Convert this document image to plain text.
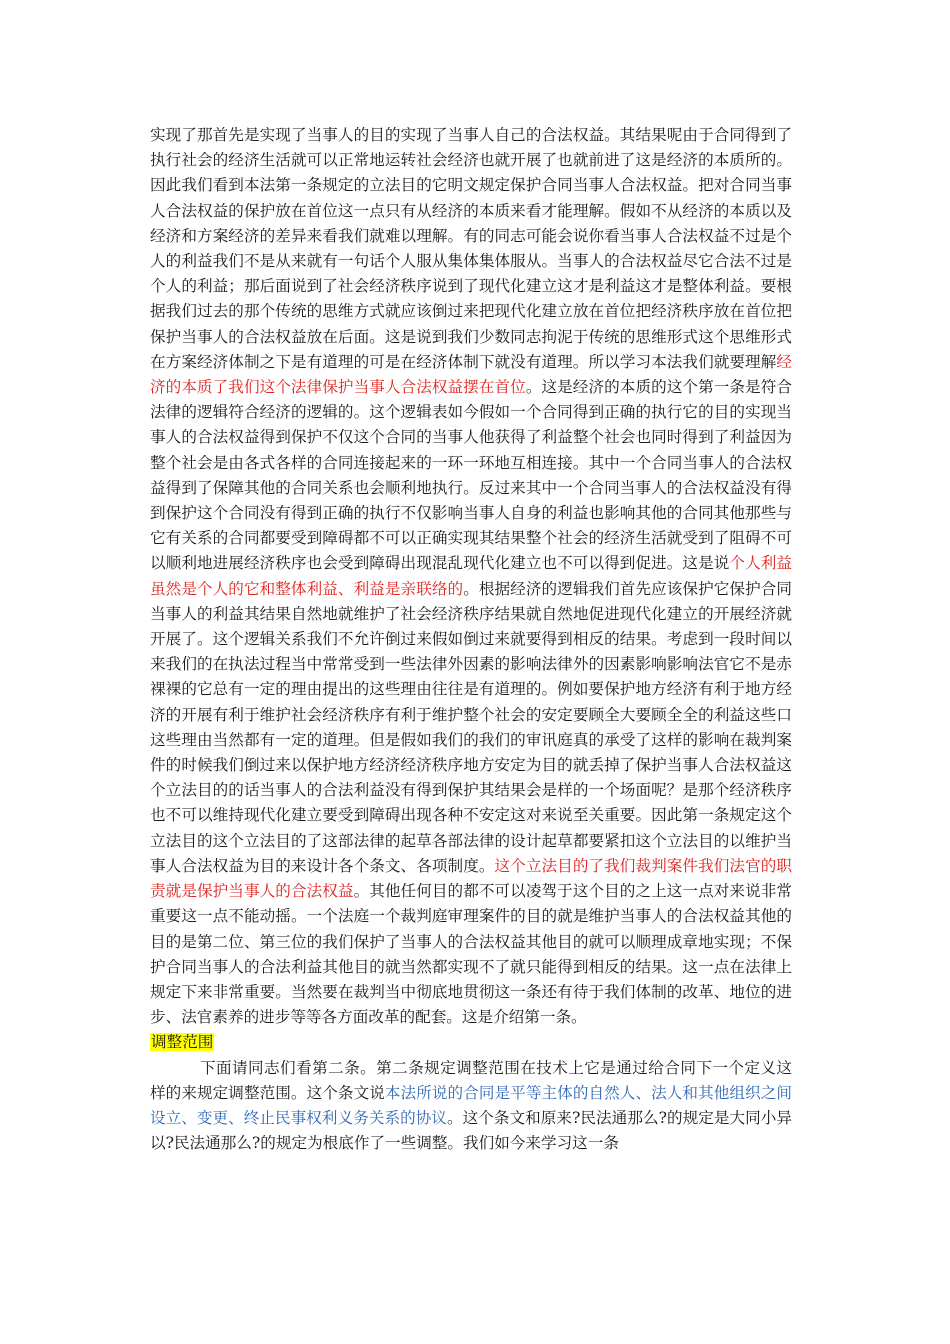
实现了那首先是实现了当事人的目的实现了当事人自己的合法权益。其结果呢由于合同得到了执行社会的经济生活就可以正常地运转社会经济也就开展了也就前进了这是经济的本质所的。因此我们看到本法第一条规定的立法目的它明文规定保护合同当事人合法权益。把对合同当事人合法权益的保护放在首位这一点只有从经济的本质来看才能理解。假如不从经济的本质以及经济和方案经济的差异来看我们就难以理解。有的同志可能会说你看当事人合法权益不过是个人的利益我们不是从来就有一句话个人服从集体集体服从。当事人的合法权益尽它合法不过是个人的利益；那后面说到了社会经济秩序说到了现代化建立这才是利益这才是整体利益。要根据我们过去的那个传统的思维方式就应该倒过来把现代化建立放在首位把经济秩序放在首位把保护当事人的合法权益放在后面。这是说到我们少数同志拘泥于传统的思维形式这个思维形式在方案经济体制之下是有道理的可是在经济体制下就没有道理。所以学习本法我们就要理解经济的本质了我们这个法律保护当事人合法权益摆在首位。这是经济的本质的这个第一条是符合法律的逻辑符合经济的逻辑的。这个逻辑表如今假如一个合同得到正确的执行它的目的实现当事人的合法权益得到保护不仅这个合同的当事人他获得了利益整个社会也同时得到了利益因为整个社会是由各式各样的合同连接起来的一环一环地互相连接。其中一个合同当事人的合法权益得到了保障其他的合同关系也会顺利地执行。反过来其中一个合同当事人的合法权益没有得到保护这个合同没有得到正确的执行不仅影响当事人自身的利益也影响其他的合同其他那些与它有关系的合同都要受到障碍都不可以正确实现其结果整个社会的经济生活就受到了阻碍不可以顺利地进展经济秩序也会受到障碍出现混乱现代化建立也不可以得到促进。这是说个人利益虽然是个人的它和整体利益、利益是亲联络的。根据经济的逻辑我们首先应该保护它保护合同当事人的利益其结果自然地就维护了社会经济秩序结果就自然地促进现代化建立的开展经济就开展了。这个逻辑关系我们不允许倒过来假如倒过来就要得到相反的结果。考虑到一段时间以来我们的在执法过程当中常常受到一些法律外因素的影响法律外的因素影响影响法官它不是赤裸裸的它总有一定的理由提出的这些理由往往是有道理的。例如要保护地方经济有利于地方经济的开展有利于维护社会经济秩序有利于维护整个社会的安定要顾全大要顾全全的利益这些口这些理由当然都有一定的道理。但是假如我们的我们的审讯庭真的承受了这样的影响在裁判案件的时候我们倒过来以保护地方经济经济秩序地方安定为目的就丢掉了保护当事人合法权益这个立法目的的话当事人的合法利益没有得到保护其结果会是样的一个场面呢？是那个经济秩序也不可以维持现代化建立要受到障碍出现各种不安定这对来说至关重要。因此第一条规定这个立法目的这个立法目的了这部法律的起草各部法律的设计起草都要紧扣这个立法目的以维护当事人合法权益为目的来设计各个条文、各项制度。这个立法目的了我们裁判案件我们法官的职责就是保护当事人的合法权益。其他任何目的都不可以凌驾于这个目的之上这一点对来说非常重要这一点不能动摇。一个法庭一个裁判庭审理案件的目的就是维护当事人的合法权益其他的目的是第二位、第三位的我们保护了当事人的合法权益其他目的就可以顺理成章地实现；不保护合同当事人的合法利益其他目的就当然都实现不了就只能得到相反的结果。这一点在法律上规定下来非常重要。当然要在裁判当中彻底地贯彻这一条还有待于我们体制的改革、地位的进步、法官素养的进步等等各方面改革的配套。这是介绍第一条。

调整范围

下面请同志们看第二条。第二条规定调整范围在技术上它是通过给合同下一个定义这样的来规定调整范围。这个条文说本法所说的合同是平等主体的自然人、法人和其他组织之间设立、变更、终止民事权利义务关系的协议。这个条文和原来?民法通那么?的规定是大同小异以?民法通那么?的规定为根底作了一些调整。我们如今来学习这一条
